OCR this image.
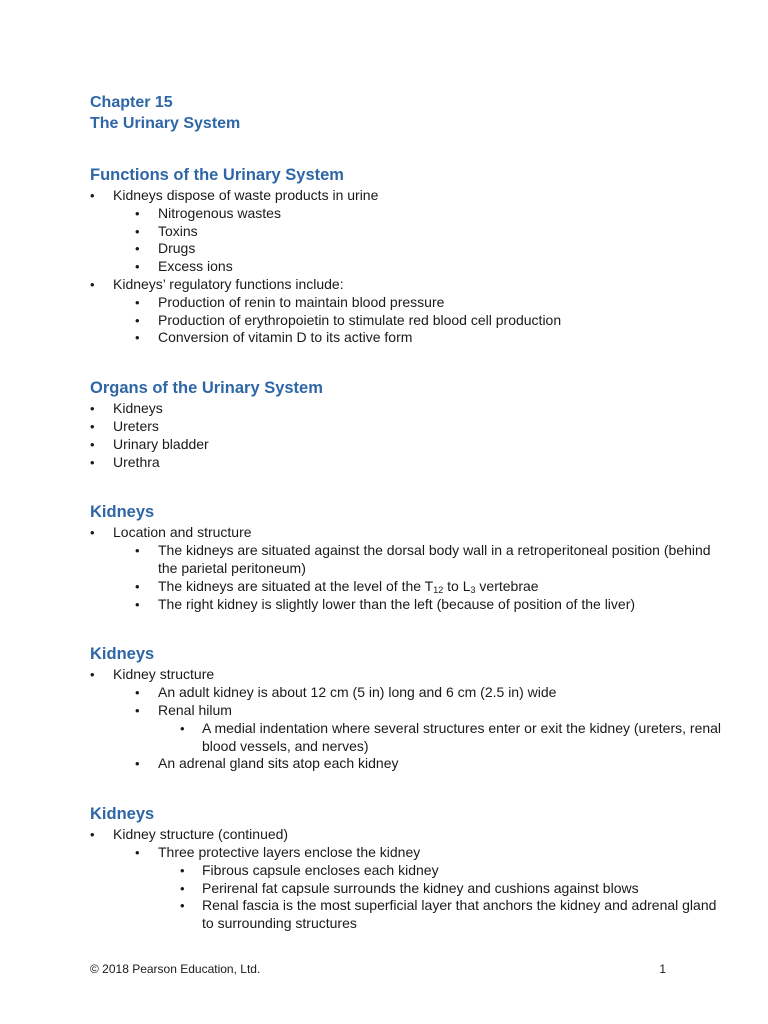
Chapter 15

The Urinary System

Functions of the Urinary System
• Kidneys dispose of waste products in urine
• Nitrogenous wastes
• Toxins
• Drugs
• Excess ions
• Kidneys’ regulatory functions include:
• Production of renin to maintain blood pressure
• Production of erythropoietin to stimulate red blood cell production
• Conversion of vitamin D to its active form
Organs of the Urinary System
• Kidneys
• Ureters
• Urinary bladder
• Urethra
Kidneys
• Location and structure
• The kidneys are situated against the dorsal body wall in a retroperitoneal position (behind the parietal peritoneum)
• The kidneys are situated at the level of the $T_{12}$ to $L_3$ vertebrae
• The right kidney is slightly lower than the left (because of position of the liver)
Kidneys
• Kidney structure
• An adult kidney is about 12 cm (5 in) long and 6 cm (2.5 in) wide
• Renal hilum
• A medial indentation where several structures enter or exit the kidney (ureters, renal blood vessels, and nerves)
• An adrenal gland sits atop each kidney
Kidneys
• Kidney structure (continued)
• Three protective layers enclose the kidney
• Fibrous capsule encloses each kidney
• Perirenal fat capsule surrounds the kidney and cushions against blows
• Renal fascia is the most superficial layer that anchors the kidney and adrenal gland to surrounding structures
© 2018 Pearson Education, Ltd.	1
